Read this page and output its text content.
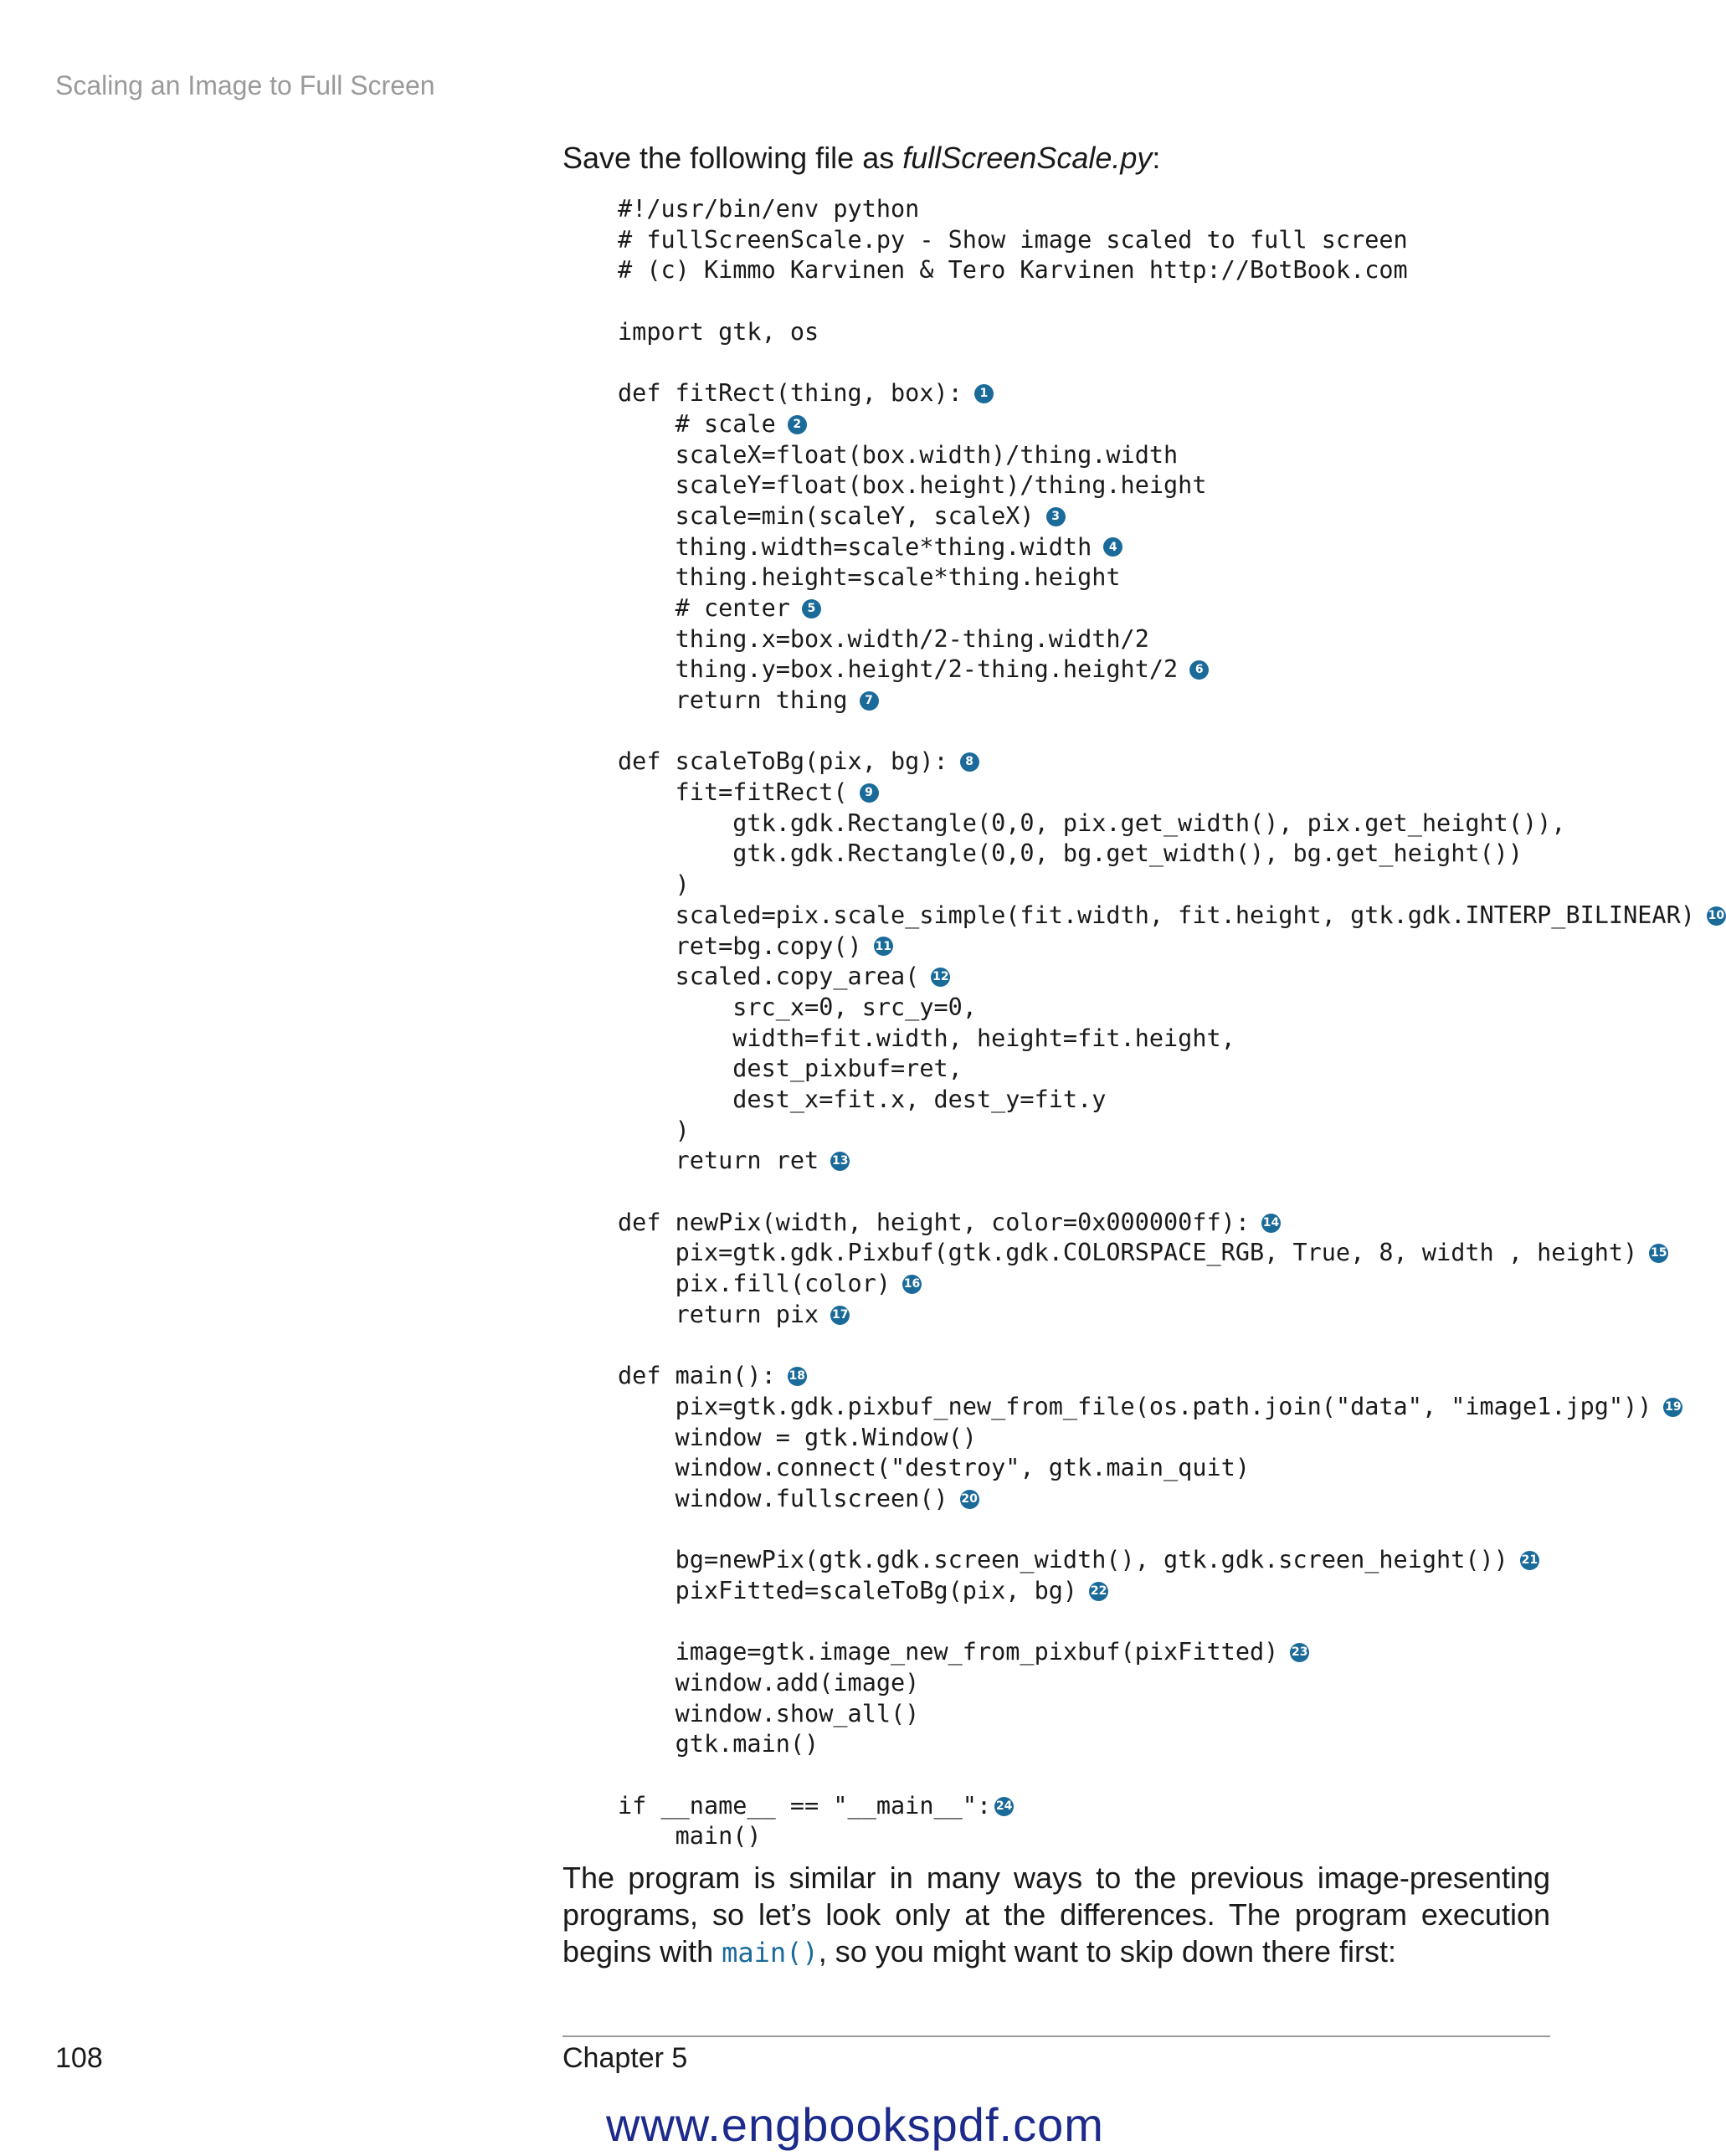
Scaling an Image to Full Screen
Save the following file as fullScreenScale.py:
#!/usr/bin/env python
# fullScreenScale.py - Show image scaled to full screen
# (c) Kimmo Karvinen & Tero Karvinen http://BotBook.com
import gtk, os
def fitRect(thing, box):	1
# scale	2
scaleX=float(box.width)/thing.width
scaleY=float(box.height)/thing.height
scale=min(scaleY, scaleX)	3
thing.width=scale*thing.width	4
thing.height=scale*thing.height
# center	5
thing.x=box.width/2-thing.width/2
thing.y=box.height/2-thing.height/2	6
return thing	7
def scaleToBg(pix, bg):	8
fit=fitRect(	9
gtk.gdk.Rectangle(0,0, pix.get_width(), pix.get_height()),
gtk.gdk.Rectangle(0,0, bg.get_width(), bg.get_height())
)
scaled=pix.scale_simple(fit.width, fit.height, gtk.gdk.INTERP_BILINEAR) 10
ret=bg.copy() 11
scaled.copy_area( 12
src_x=0, src_y=0,
width=fit.width, height=fit.height,
dest_pixbuf=ret,
dest_x=fit.x, dest_y=fit.y
)
return ret 13
def newPix(width, height, color=0x000000ff): 14
pix=gtk.gdk.Pixbuf(gtk.gdk.COLORSPACE_RGB, True, 8, width , height) 15
pix.fill(color) 16
return pix 17
def main(): 18
pix=gtk.gdk.pixbuf_new_from_file(os.path.join("data", "image1.jpg")) 19
window = gtk.Window()
window.connect("destroy", gtk.main_quit)
window.fullscreen() 20
bg=newPix(gtk.gdk.screen_width(), gtk.gdk.screen_height()) 21
pixFitted=scaleToBg(pix, bg) 22
image=gtk.image_new_from_pixbuf(pixFitted) 23
window.add(image)
window.show_all()
gtk.main()
if __name__ == "__main__": 24
main()
The program is similar in many ways to the previous image-presenting programs, so let’s look only at the differences. The program execution begins with main(), so you might want to skip down there first:
108	Chapter 5
www.engbookspdf.com
